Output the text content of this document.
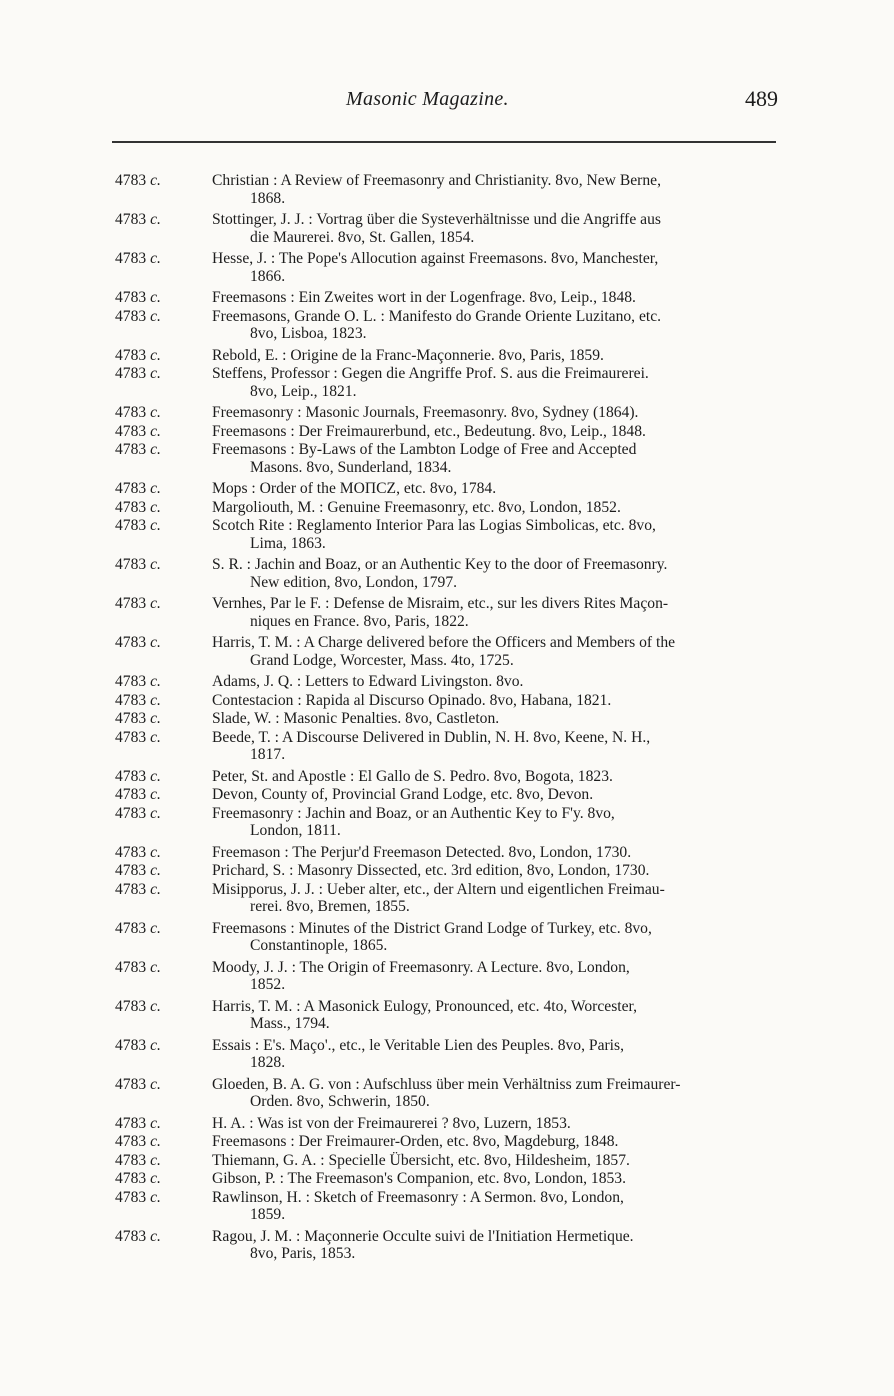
Masonic Magazine.	489
4783 c.	Christian : A Review of Freemasonry and Christianity. 8vo, New Berne,
1868.
4783 c.	Stottinger, J. J. : Vortrag über die Systeverhältnisse und die Angriffe aus
die Maurerei. 8vo, St. Gallen, 1854.
4783 c.	Hesse, J. : The Pope's Allocution against Freemasons. 8vo, Manchester,
1866.
4783 c.	Freemasons : Ein Zweites wort in der Logenfrage. 8vo, Leip., 1848.
4783 c.	Freemasons, Grande O. L. : Manifesto do Grande Oriente Luzitano, etc.
8vo, Lisboa, 1823.
4783 c.	Rebold, E. : Origine de la Franc-Maçonnerie. 8vo, Paris, 1859.
4783 c.	Steffens, Professor : Gegen die Angriffe Prof. S. aus die Freimaurerei.
8vo, Leip., 1821.
4783 c.	Freemasonry : Masonic Journals, Freemasonry. 8vo, Sydney (1864).
4783 c.	Freemasons : Der Freimaurerbund, etc., Bedeutung. 8vo, Leip., 1848.
4783 c.	Freemasons : By-Laws of the Lambton Lodge of Free and Accepted
Masons. 8vo, Sunderland, 1834.
4783 c.	Mops : Order of the ΜΟΠCZ, etc. 8vo, 1784.
4783 c.	Margoliouth, M. : Genuine Freemasonry, etc. 8vo, London, 1852.
4783 c.	Scotch Rite : Reglamento Interior Para las Logias Simbolicas, etc. 8vo,
Lima, 1863.
4783 c.	S. R. : Jachin and Boaz, or an Authentic Key to the door of Freemasonry.
New edition, 8vo, London, 1797.
4783 c.	Vernhes, Par le F. : Defense de Misraim, etc., sur les divers Rites Maçon-
niques en France. 8vo, Paris, 1822.
4783 c.	Harris, T. M. : A Charge delivered before the Officers and Members of the
Grand Lodge, Worcester, Mass. 4to, 1725.
4783 c.	Adams, J. Q. : Letters to Edward Livingston. 8vo.
4783 c.	Contestacion : Rapida al Discurso Opinado. 8vo, Habana, 1821.
4783 c.	Slade, W. : Masonic Penalties. 8vo, Castleton.
4783 c.	Beede, T. : A Discourse Delivered in Dublin, N. H. 8vo, Keene, N. H.,
1817.
4783 c.	Peter, St. and Apostle : El Gallo de S. Pedro. 8vo, Bogota, 1823.
4783 c.	Devon, County of, Provincial Grand Lodge, etc. 8vo, Devon.
4783 c.	Freemasonry : Jachin and Boaz, or an Authentic Key to F'y. 8vo,
London, 1811.
4783 c.	Freemason : The Perjur'd Freemason Detected. 8vo, London, 1730.
4783 c.	Prichard, S. : Masonry Dissected, etc. 3rd edition, 8vo, London, 1730.
4783 c.	Misipporus, J. J. : Ueber alter, etc., der Altern und eigentlichen Freimau-
rerei. 8vo, Bremen, 1855.
4783 c.	Freemasons : Minutes of the District Grand Lodge of Turkey, etc. 8vo,
Constantinople, 1865.
4783 c.	Moody, J. J. : The Origin of Freemasonry. A Lecture. 8vo, London,
1852.
4783 c.	Harris, T. M. : A Masonick Eulogy, Pronounced, etc. 4to, Worcester,
Mass., 1794.
4783 c.	Essais : E's. Maço'., etc., le Veritable Lien des Peuples. 8vo, Paris,
1828.
4783 c.	Gloeden, B. A. G. von : Aufschluss über mein Verhältniss zum Freimaurer-
Orden. 8vo, Schwerin, 1850.
4783 c.	H. A. : Was ist von der Freimaurerei ? 8vo, Luzern, 1853.
4783 c.	Freemasons : Der Freimaurer-Orden, etc. 8vo, Magdeburg, 1848.
4783 c.	Thiemann, G. A. : Specielle Übersicht, etc. 8vo, Hildesheim, 1857.
4783 c.	Gibson, P. : The Freemason's Companion, etc. 8vo, London, 1853.
4783 c.	Rawlinson, H. : Sketch of Freemasonry : A Sermon. 8vo, London,
1859.
4783 c.	Ragou, J. M. : Maçonnerie Occulte suivi de l'Initiation Hermetique.
8vo, Paris, 1853.
